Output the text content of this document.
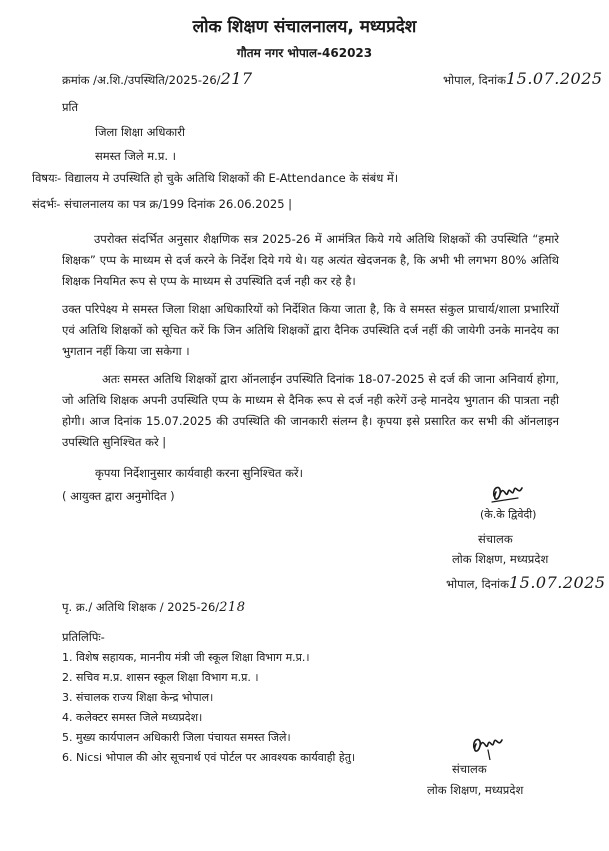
लोक शिक्षण संचालनालय, मध्यप्रदेश
गौतम नगर भोपाल-462023
क्रमांक /अ.शि./उपस्थिति/2025-26/217	भोपाल, दिनांक15.07.2025
प्रति
जिला शिक्षा अधिकारी
समस्त जिले म.प्र. ।
विषयः- विद्यालय मे उपस्थिति हो चुके अतिथि शिक्षकों की E-Attendance के संबंध में।
संदर्भः- संचालनालय का पत्र क्र/199 दिनांक 26.06.2025 |
उपरोक्त संदर्भित अनुसार शैक्षणिक सत्र 2025-26 में आमंत्रित किये गये अतिथि शिक्षकों की उपस्थिति “हमारे शिक्षक” एप्प के माध्यम से दर्ज करने के निर्देश दिये गये थे। यह अत्यंत खेदजनक है, कि अभी भी लगभग 80% अतिथि शिक्षक नियमित रूप से एप्प के माध्यम से उपस्थिति दर्ज नही कर रहे है।
उक्त परिपेक्ष्य मे समस्त जिला शिक्षा अधिकारियों को निर्देशित किया जाता है, कि वे समस्त संकुल प्राचार्य/शाला प्रभारियों एवं अतिथि शिक्षकों को सूचित करें कि जिन अतिथि शिक्षकों द्वारा दैनिक उपस्थिति दर्ज नहीं की जायेगी उनके मानदेय का भुगतान नहीं किया जा सकेगा ।
अतः समस्त अतिथि शिक्षकों द्वारा ऑनलाईन उपस्थिति दिनांक 18-07-2025 से दर्ज की जाना अनिवार्य होगा, जो अतिथि शिक्षक अपनी उपस्थिति एप्प के माध्यम से दैनिक रूप से दर्ज नही करेगें उन्हे मानदेय भुगतान की पात्रता नही होगी। आज दिनांक 15.07.2025 की उपस्थिति की जानकारी संलग्न है। कृपया इसे प्रसारित कर सभी की ऑनलाइन उपस्थिति सुनिश्चित करे |
कृपया निर्देशानुसार कार्यवाही करना सुनिश्चित करें।
( आयुक्त द्वारा अनुमोदित )
(के.के द्विवेदी)
संचालक
लोक शिक्षण, मध्यप्रदेश
भोपाल, दिनांक15.07.2025
पृ. क्र./ अतिथि शिक्षक / 2025-26/218
प्रतिलिपिः-
1. विशेष सहायक, माननीय मंत्री जी स्कूल शिक्षा विभाग म.प्र.।
2. सचिव म.प्र. शासन स्कूल शिक्षा विभाग म.प्र. ।
3. संचालक राज्य शिक्षा केन्द्र भोपाल।
4. कलेक्टर समस्त जिले मध्यप्रदेश।
5. मुख्य कार्यपालन अधिकारी जिला पंचायत समस्त जिले।
6. Nicsi भोपाल की ओर सूचनार्थ एवं पोर्टल पर आवश्यक कार्यवाही हेतु।
संचालक
लोक शिक्षण, मध्यप्रदेश
